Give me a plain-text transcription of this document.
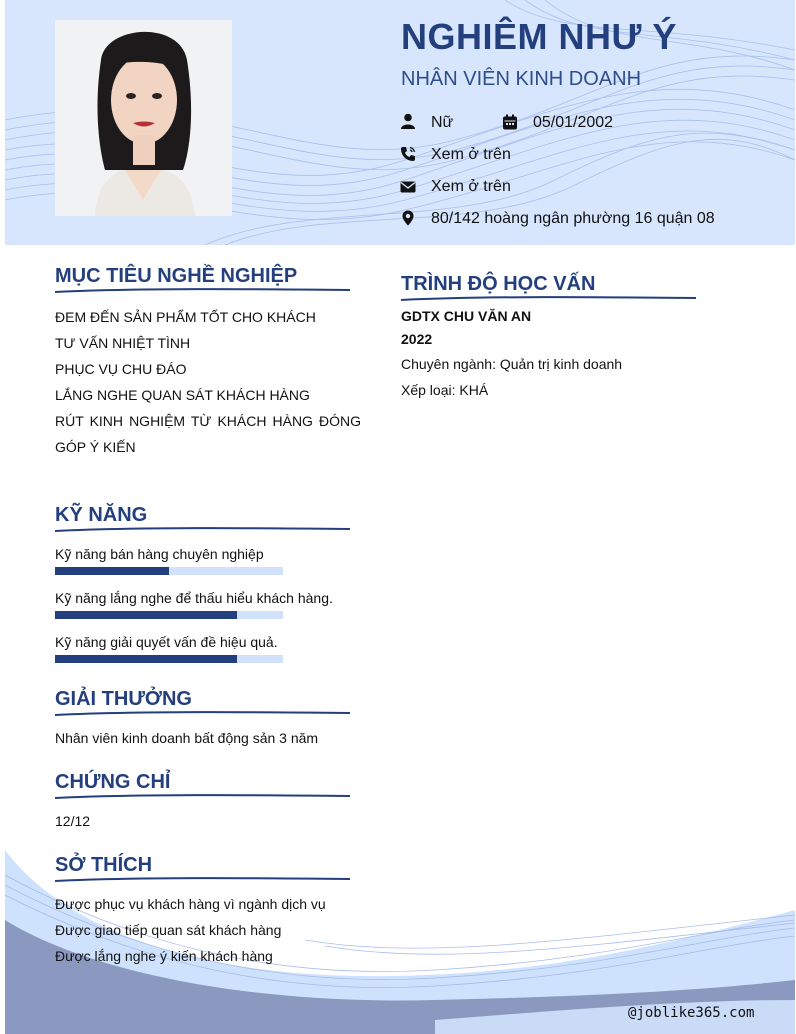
NGHIÊM NHƯ Ý
NHÂN VIÊN KINH DOANH
Nữ	05/01/2002
Xem ở trên
Xem ở trên
80/142 hoàng ngân phường 16 quận 08
MỤC TIÊU NGHỀ NGHIỆP
ĐEM ĐẾN SẢN PHẨM TỐT CHO KHÁCH
TƯ VẤN NHIỆT TÌNH
PHỤC VỤ CHU ĐÁO
LẮNG NGHE QUAN SÁT KHÁCH HÀNG
RÚT KINH NGHIỆM TỪ KHÁCH HÀNG ĐÓNG GÓP Ý KIẾN
KỸ NĂNG
Kỹ năng bán hàng chuyên nghiệp
Kỹ năng lắng nghe để thấu hiểu khách hàng.
Kỹ năng giải quyết vấn đề hiệu quả.
GIẢI THƯỞNG
Nhân viên kinh doanh bất động sản 3 năm
CHỨNG CHỈ
12/12
SỞ THÍCH
Được phục vụ khách hàng vì ngành dịch vụ
Được giao tiếp quan sát khách hàng
Được lắng nghe ý kiến khách hàng
TRÌNH ĐỘ HỌC VẤN
GDTX CHU VĂN AN
2022
Chuyên ngành: Quản trị kinh doanh
Xếp loại: KHÁ
@joblike365.com
